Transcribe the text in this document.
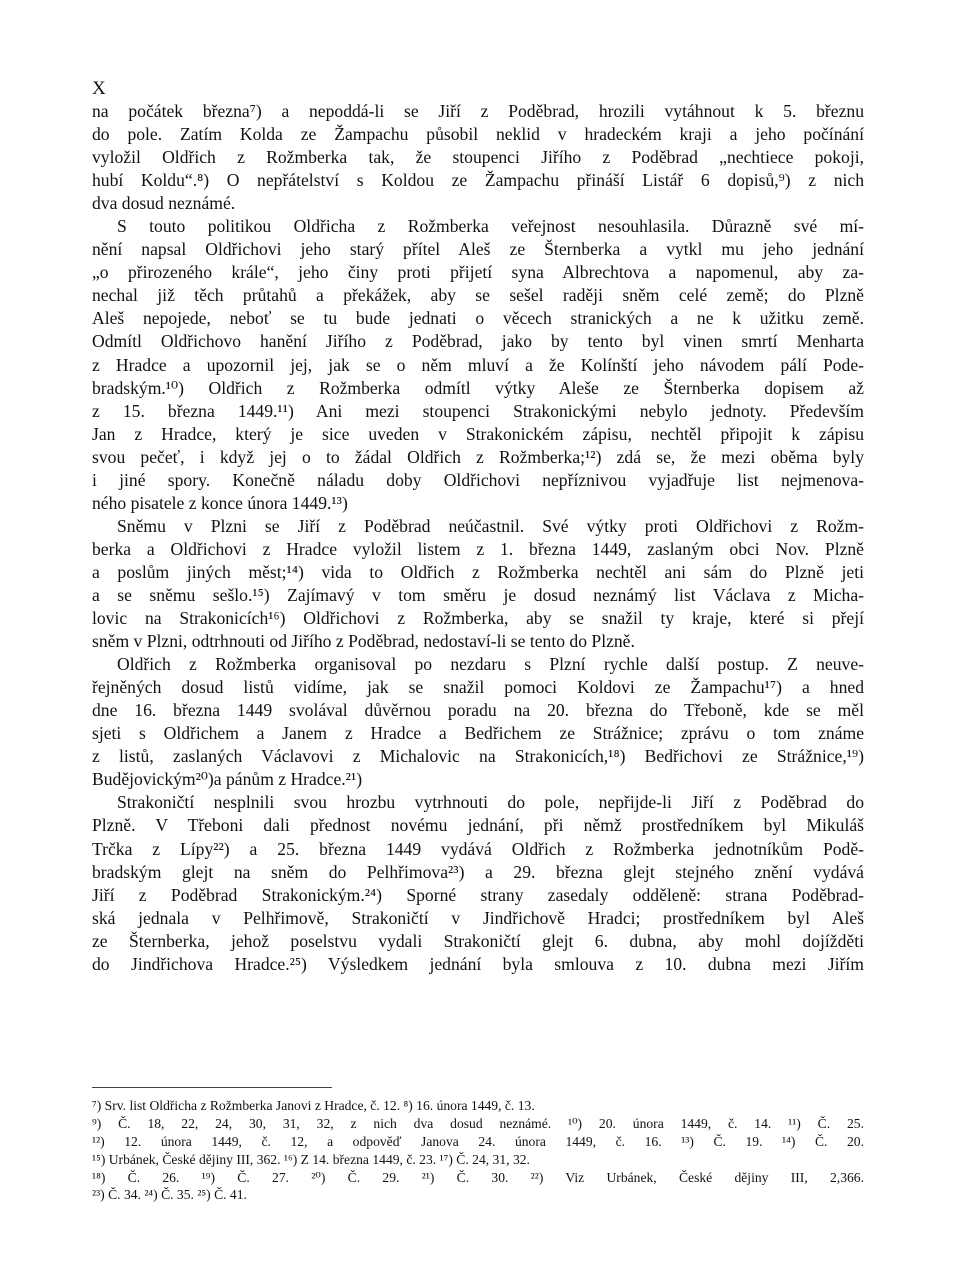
X
na počátek březnа⁷) a nepoddá-li se Jiří z Poděbrad, hrozili vytáhnout k 5. březnu
do pole. Zatím Kolda ze Žampachu působil neklid v hradeckém kraji a jeho počínání
vyložil Oldřich z Rožmberka tak, že stoupenci Jiřího z Poděbrad „nechtiece pokoji,
hubí Koldu“.⁸) O nepřátelství s Koldou ze Žampachu přináší Listář 6 dopisů,⁹) z nich
dva dosud neznámé.
S touto politikou Oldřicha z Rožmberka veřejnost nesouhlasila. Důrazně své mí-
nění napsal Oldřichovi jeho starý přítel Aleš ze Šternberka a vytkl mu jeho jednání
„o přirozeného krále“, jeho činy proti přijetí syna Albrechtova a napomenul, aby za-
nechal již těch průtahů a překážek, aby se sešel raději sněm celé země; do Plzně
Aleš nepojede, neboť se tu bude jednati o věcech stranických a ne k užitku země.
Odmítl Oldřichovo hanění Jiřího z Poděbrad, jako by tento byl vinen smrtí Menharta
z Hradce a upozornil jej, jak se o něm mluví a že Kolínští jeho návodem pálí Pode-
bradským.¹⁰) Oldřich z Rožmberka odmítl výtky Aleše ze Šternberka dopisem až
z 15. března 1449.¹¹) Ani mezi stoupenci Strakonickými nebylo jednoty. Především
Jan z Hradce, který je sice uveden v Strakonickém zápisu, nechtěl připojit k zápisu
svou pečeť, i když jej o to žádal Oldřich z Rožmberka;¹²) zdá se, že mezi oběma byly
i jiné spory. Konečně náladu doby Oldřichovi nepříznivou vyjadřuje list nejmenova-
ného pisatele z konce února 1449.¹³)
Sněmu v Plzni se Jiří z Poděbrad neúčastnil. Své výtky proti Oldřichovi z Rožm-
berka a Oldřichovi z Hradce vyložil listem z 1. března 1449, zaslaným obci Nov. Plzně
a poslům jiných měst;¹⁴) vida to Oldřich z Rožmberka nechtěl ani sám do Plzně jeti
a se sněmu sešlo.¹⁵) Zajímavý v tom směru je dosud neznámý list Václava z Micha-
lovic na Strakonicích¹⁶) Oldřichovi z Rožmberka, aby se snažil ty kraje, které si přejí
sněm v Plzni, odtrhnouti od Jiřího z Poděbrad, nedostaví-li se tento do Plzně.
Oldřich z Rožmberka organisoval po nezdaru s Plzní rychle další postup. Z neuve-
řejněných dosud listů vidíme, jak se snažil pomoci Koldovi ze Žampachu¹⁷) a hned
dne 16. března 1449 svolával důvěrnou poradu na 20. března do Třeboně, kde se měl
sjeti s Oldřichem a Janem z Hradce a Bedřichem ze Strážnice; zprávu o tom známe
z listů, zaslaných Václavovi z Michalovic na Strakonicích,¹⁸) Bedřichovi ze Strážnice,¹⁹)
Budějovickým²⁰)a pánům z Hradce.²¹)
Strakoničtí nesplnili svou hrozbu vytrhnouti do pole, nepřijde-li Jiří z Poděbrad do
Plzně. V Třeboni dali přednost novému jednání, při němž prostředníkem byl Mikuláš
Trčka z Lípy²²) a 25. března 1449 vydává Oldřich z Rožmberka jednotníkům Podě-
bradským glejt na sněm do Pelhřimova²³) a 29. března glejt stejného znění vydává
Jiří z Poděbrad Strakonickým.²⁴) Sporné strany zasedaly odděleně: strana Poděbrad-
ská jednala v Pelhřimově, Strakoničtí v Jindřichově Hradci; prostředníkem byl Aleš
ze Šternberka, jehož poselstvu vydali Strakoničtí glejt 6. dubna, aby mohl dojížděti
do Jindřichova Hradce.²⁵) Výsledkem jednání byla smlouva z 10. dubna mezi Jiřím
⁷) Srv. list Oldřicha z Rožmberka Janovi z Hradce, č. 12. ⁸) 16. února 1449, č. 13.
⁹) Č. 18, 22, 24, 30, 31, 32, z nich dva dosud neznámé. ¹⁰) 20. února 1449, č. 14. ¹¹) Č. 25.
¹²) 12. února 1449, č. 12, a odpověď Janova 24. února 1449, č. 16. ¹³) Č. 19. ¹⁴) Č. 20.
¹⁵) Urbánek, České dějiny III, 362. ¹⁶) Z 14. března 1449, č. 23. ¹⁷) Č. 24, 31, 32.
¹⁸) Č. 26. ¹⁹) Č. 27. ²⁰) Č. 29. ²¹) Č. 30. ²²) Viz Urbánek, České dějiny III, 2,366.
²³) Č. 34. ²⁴) Č. 35. ²⁵) Č. 41.
